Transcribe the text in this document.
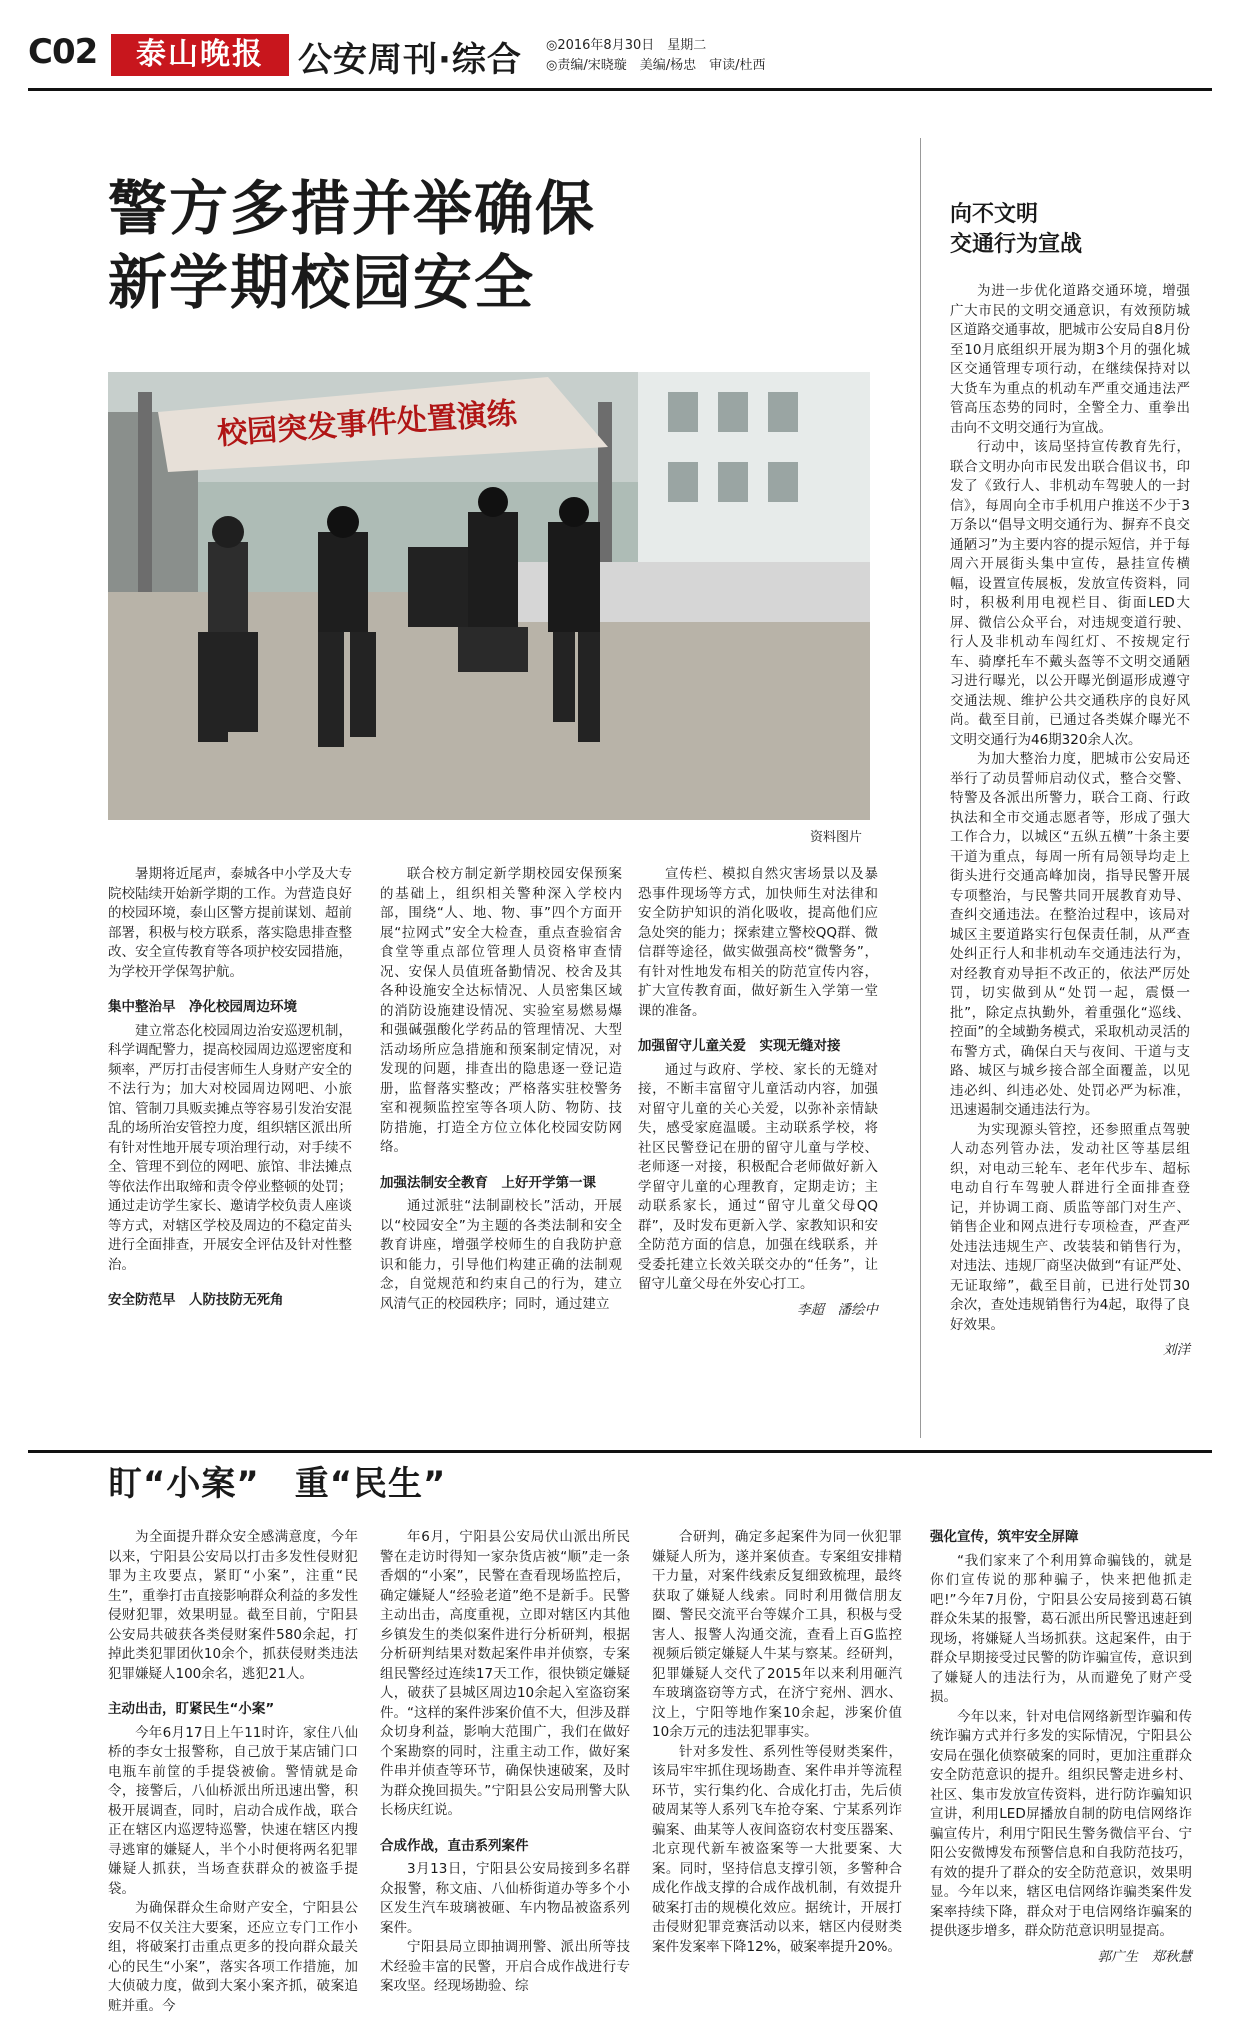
C02	泰山晚报	公安周刊·综合 ◎2016年8月30日　星期二
◎责编/宋晓璇　美编/杨忠　审读/杜西
警方多措并举确保
新学期校园安全
校园突发事件处置演练
资料图片

暑期将近尾声，泰城各中小学及大专院校陆续开始新学期的工作。为营造良好的校园环境，泰山区警方提前谋划、超前部署，积极与校方联系，落实隐患排查整改、安全宣传教育等各项护校安园措施，为学校开学保驾护航。

集中整治早　净化校园周边环境

建立常态化校园周边治安巡逻机制，科学调配警力，提高校园周边巡逻密度和频率，严厉打击侵害师生人身财产安全的不法行为；加大对校园周边网吧、小旅馆、管制刀具贩卖摊点等容易引发治安混乱的场所治安管控力度，组织辖区派出所有针对性地开展专项治理行动，对手续不全、管理不到位的网吧、旅馆、非法摊点等依法作出取缔和责令停业整顿的处罚；通过走访学生家长、邀请学校负责人座谈等方式，对辖区学校及周边的不稳定苗头进行全面排查，开展安全评估及针对性整治。

安全防范早　人防技防无死角

联合校方制定新学期校园安保预案的基础上，组织相关警种深入学校内部，围绕“人、地、物、事”四个方面开展“拉网式”安全大检查，重点查验宿舍食堂等重点部位管理人员资格审查情况、安保人员值班备勤情况、校舍及其各种设施安全达标情况、人员密集区域的消防设施建设情况、实验室易燃易爆和强碱强酸化学药品的管理情况、大型活动场所应急措施和预案制定情况，对发现的问题，排查出的隐患逐一登记造册，监督落实整改；严格落实驻校警务室和视频监控室等各项人防、物防、技防措施，打造全方位立体化校园安防网络。

加强法制安全教育　上好开学第一课

通过派驻“法制副校长”活动，开展以“校园安全”为主题的各类法制和安全教育讲座，增强学校师生的自我防护意识和能力，引导他们构建正确的法制观念，自觉规范和约束自己的行为，建立风清气正的校园秩序；同时，通过建立

宣传栏、模拟自然灾害场景以及暴恐事件现场等方式，加快师生对法律和安全防护知识的消化吸收，提高他们应急处突的能力；探索建立警校QQ群、微信群等途径，做实做强高校“微警务”，有针对性地发布相关的防范宣传内容，扩大宣传教育面，做好新生入学第一堂课的准备。

加强留守儿童关爱　实现无缝对接

通过与政府、学校、家长的无缝对接，不断丰富留守儿童活动内容，加强对留守儿童的关心关爱，以弥补亲情缺失，感受家庭温暖。主动联系学校，将社区民警登记在册的留守儿童与学校、老师逐一对接，积极配合老师做好新入学留守儿童的心理教育，定期走访；主动联系家长，通过“留守儿童父母QQ群”，及时发布更新入学、家教知识和安全防范方面的信息，加强在线联系，并受委托建立长效关联交办的“任务”，让留守儿童父母在外安心打工。

李超　潘绘中

向不文明
交通行为宣战

为进一步优化道路交通环境，增强广大市民的文明交通意识，有效预防城区道路交通事故，肥城市公安局自8月份至10月底组织开展为期3个月的强化城区交通管理专项行动，在继续保持对以大货车为重点的机动车严重交通违法严管高压态势的同时，全警全力、重拳出击向不文明交通行为宣战。

行动中，该局坚持宣传教育先行，联合文明办向市民发出联合倡议书，印发了《致行人、非机动车驾驶人的一封信》，每周向全市手机用户推送不少于3万条以“倡导文明交通行为、摒弃不良交通陋习”为主要内容的提示短信，并于每周六开展街头集中宣传，悬挂宣传横幅，设置宣传展板，发放宣传资料，同时，积极利用电视栏目、街面LED大屏、微信公众平台，对违规变道行驶、行人及非机动车闯红灯、不按规定行车、骑摩托车不戴头盔等不文明交通陋习进行曝光，以公开曝光倒逼形成遵守交通法规、维护公共交通秩序的良好风尚。截至目前，已通过各类媒介曝光不文明交通行为46期320余人次。

为加大整治力度，肥城市公安局还举行了动员誓师启动仪式，整合交警、特警及各派出所警力，联合工商、行政执法和全市交通志愿者等，形成了强大工作合力，以城区“五纵五横”十条主要干道为重点，每周一所有局领导均走上街头进行交通高峰加岗，指导民警开展专项整治，与民警共同开展教育劝导、查纠交通违法。在整治过程中，该局对城区主要道路实行包保责任制，从严查处纠正行人和非机动车交通违法行为，对经教育劝导拒不改正的，依法严厉处罚，切实做到从“处罚一起，震慑一批”，除定点执勤外，着重强化“巡线、控面”的全域勤务模式，采取机动灵活的布警方式，确保白天与夜间、干道与支路、城区与城乡接合部全面覆盖，以见违必纠、纠违必处、处罚必严为标准，迅速遏制交通违法行为。

为实现源头管控，还参照重点驾驶人动态列管办法，发动社区等基层组织，对电动三轮车、老年代步车、超标电动自行车驾驶人群进行全面排查登记，并协调工商、质监等部门对生产、销售企业和网点进行专项检查，严查严处违法违规生产、改装装和销售行为，对违法、违规厂商坚决做到“有证严处、无证取缔”，截至目前，已进行处罚30余次，查处违规销售行为4起，取得了良好效果。

刘洋

盯“小案”　重“民生”

为全面提升群众安全感满意度，今年以来，宁阳县公安局以打击多发性侵财犯罪为主攻要点，紧盯“小案”，注重“民生”，重拳打击直接影响群众利益的多发性侵财犯罪，效果明显。截至目前，宁阳县公安局共破获各类侵财案件580余起，打掉此类犯罪团伙10余个，抓获侵财类违法犯罪嫌疑人100余名，逃犯21人。

主动出击，盯紧民生“小案”

今年6月17日上午11时许，家住八仙桥的李女士报警称，自己放于某店铺门口电瓶车前筐的手提袋被偷。警情就是命令，接警后，八仙桥派出所迅速出警，积极开展调查，同时，启动合成作战，联合正在辖区内巡逻特巡警，快速在辖区内搜寻逃窜的嫌疑人，半个小时便将两名犯罪嫌疑人抓获，当场查获群众的被盗手提袋。

为确保群众生命财产安全，宁阳县公安局不仅关注大要案，还应立专门工作小组，将破案打击重点更多的投向群众最关心的民生“小案”，落实各项工作措施，加大侦破力度，做到大案小案齐抓，破案追赃并重。今

年6月，宁阳县公安局伏山派出所民警在走访时得知一家杂货店被“顺”走一条香烟的“小案”，民警在查看现场监控后，确定嫌疑人“经验老道”绝不是新手。民警主动出击，高度重视，立即对辖区内其他乡镇发生的类似案件进行分析研判，根据分析研判结果对数起案件串并侦察，专案组民警经过连续17天工作，很快锁定嫌疑人，破获了县城区周边10余起入室盗窃案件。“这样的案件涉案价值不大，但涉及群众切身利益，影响大范围广，我们在做好个案勘察的同时，注重主动工作，做好案件串并侦查等环节，确保快速破案，及时为群众挽回损失。”宁阳县公安局刑警大队长杨庆红说。

合成作战，直击系列案件

3月13日，宁阳县公安局接到多名群众报警，称文庙、八仙桥街道办等多个小区发生汽车玻璃被砸、车内物品被盗系列案件。

宁阳县局立即抽调刑警、派出所等技术经验丰富的民警，开启合成作战进行专案攻坚。经现场勘验、综

合研判，确定多起案件为同一伙犯罪嫌疑人所为，遂并案侦查。专案组安排精干力量，对案件线索反复细致梳理，最终获取了嫌疑人线索。同时利用微信朋友圈、警民交流平台等媒介工具，积极与受害人、报警人沟通交流，查看上百G监控视频后锁定嫌疑人牛某与察某。经研判，犯罪嫌疑人交代了2015年以来利用砸汽车玻璃盗窃等方式，在济宁兖州、泗水、汶上，宁阳等地作案10余起，涉案价值10余万元的违法犯罪事实。

针对多发性、系列性等侵财类案件，该局牢牢抓住现场勘查、案件串并等流程环节，实行集约化、合成化打击，先后侦破周某等人系列飞车抢夺案、宁某系列诈骗案、曲某等人夜间盗窃农村变压器案、北京现代新车被盗案等一大批要案、大案。同时，坚持信息支撑引领，多警种合成化作战支撑的合成作战机制，有效提升破案打击的规模化效应。据统计，开展打击侵财犯罪竞赛活动以来，辖区内侵财类案件发案率下降12%，破案率提升20%。

强化宣传，筑牢安全屏障

“我们家来了个利用算命骗钱的，就是你们宣传说的那种骗子，快来把他抓走吧!”今年7月份，宁阳县公安局接到葛石镇群众朱某的报警，葛石派出所民警迅速赶到现场，将嫌疑人当场抓获。这起案件，由于群众早期接受过民警的防诈骗宣传，意识到了嫌疑人的违法行为，从而避免了财产受损。

今年以来，针对电信网络新型诈骗和传统诈骗方式并行多发的实际情况，宁阳县公安局在强化侦察破案的同时，更加注重群众安全防范意识的提升。组织民警走进乡村、社区、集市发放宣传资料，进行防诈骗知识宣讲，利用LED屏播放自制的防电信网络诈骗宣传片，利用宁阳民生警务微信平台、宁阳公安微博发布预警信息和自我防范技巧，有效的提升了群众的安全防范意识，效果明显。今年以来，辖区电信网络诈骗类案件发案率持续下降，群众对于电信网络诈骗案的提供逐步增多，群众防范意识明显提高。

郭广生　郑秋慧
